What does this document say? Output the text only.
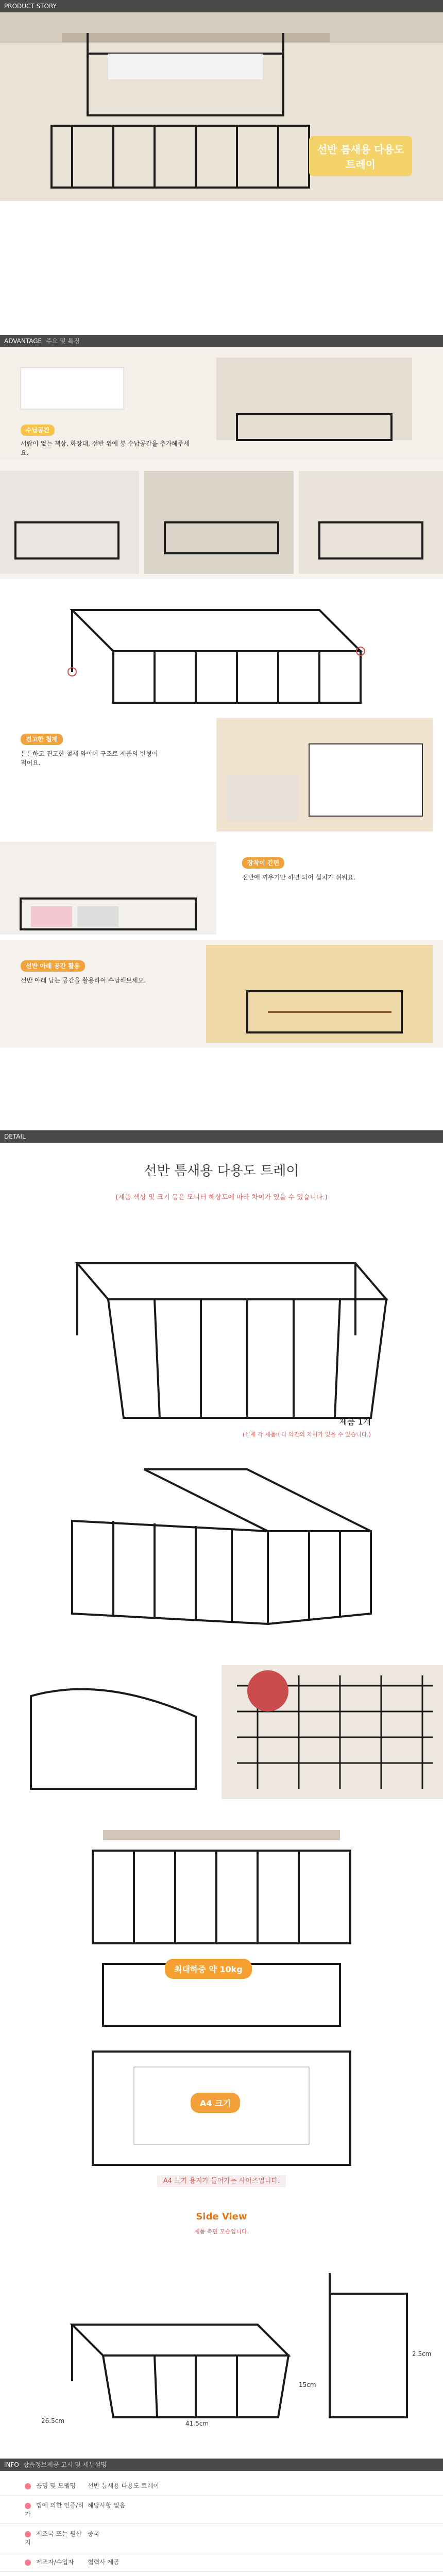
PRODUCT STORY
선반 틈새용 다용도 트레이
ADVANTAGE 주요 및 특징
수납공간
서랍이 없는 책상, 화장대, 선반 위에 봉 수납공간을 추가해주세요.
견고한 철제
튼튼하고 견고한 철제 와이어 구조로 제품의 변형이 적어요.
장착이 간편
선반에 끼우기만 하면 되어 설치가 쉬워요.
선반 아래 공간 활용
선반 아래 남는 공간을 활용하여 수납해보세요.
DETAIL
선반 틈새용 다용도 트레이
(제품 색상 및 크기 등은 모니터 해상도에 따라 차이가 있을 수 있습니다.)
제품 1개
(실제 각 제품마다 약간의 차이가 있을 수 있습니다.)
최대하중 약 10kg
A4 크기
A4 크기 용지가 들어가는 사이즈입니다.
Side View
제품 측면 모습입니다.
26.5cm	41.5cm
15cm
2.5cm
INFO 상품정보제공 고시 및 세부설명
품명 및 모델명	선반 틈새용 다용도 트레이
법에 의한 인증/허가	해당사항 없음
제조국 또는 원산지	중국
제조자/수입자	협력사 제공
